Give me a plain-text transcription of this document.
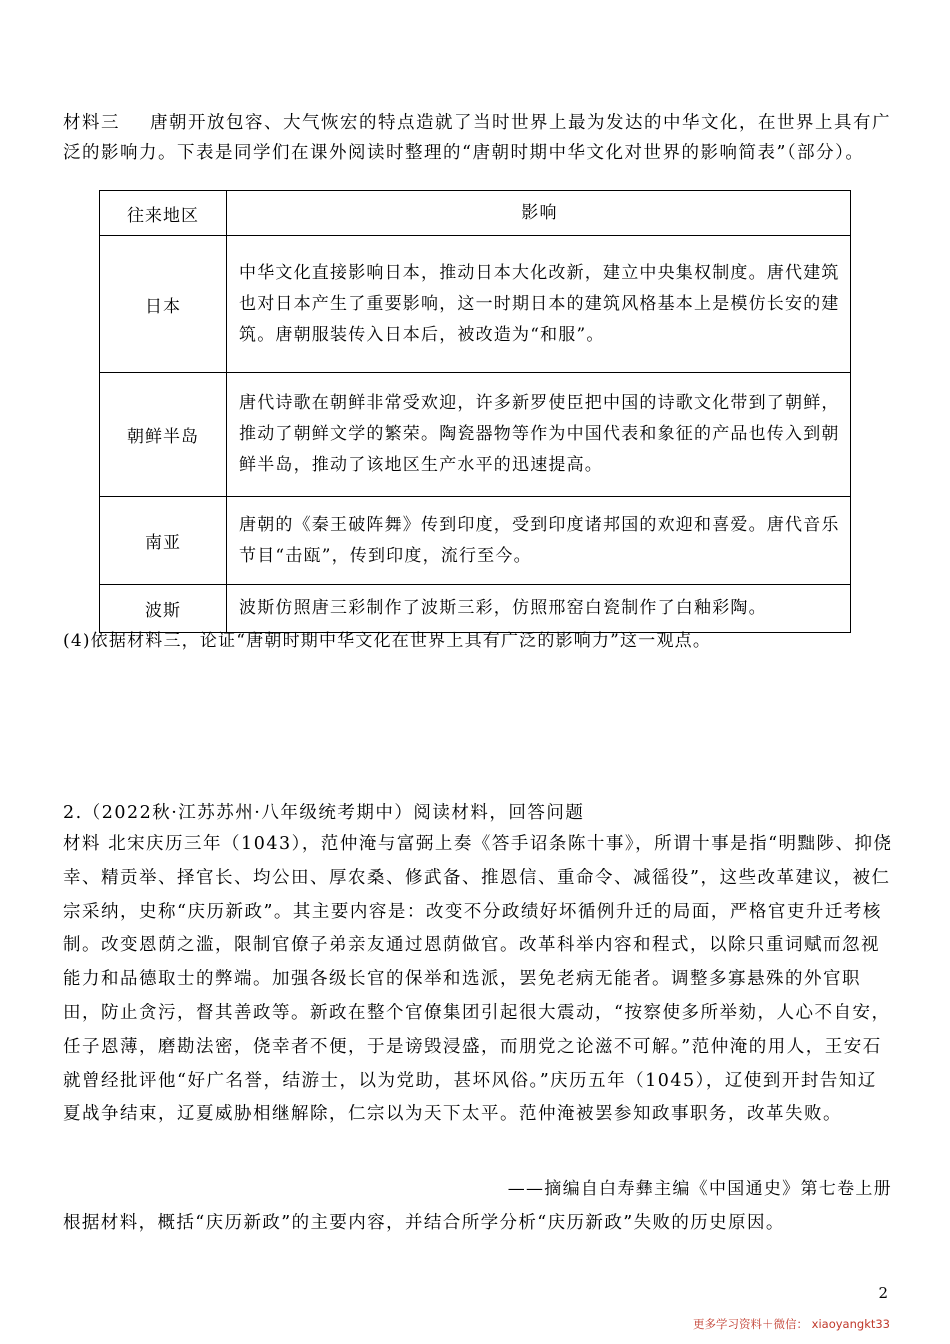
材料三 唐朝开放包容、大气恢宏的特点造就了当时世界上最为发达的中华文化，在世界上具有广泛的影响力。下表是同学们在课外阅读时整理的“唐朝时期中华文化对世界的影响简表”（部分）。
往来地区	影响
日本	中华文化直接影响日本，推动日本大化改新，建立中央集权制度。唐代建筑也对日本产生了重要影响，这一时期日本的建筑风格基本上是模仿长安的建筑。唐朝服装传入日本后，被改造为“和服”。
朝鲜半岛	唐代诗歌在朝鲜非常受欢迎，许多新罗使臣把中国的诗歌文化带到了朝鲜，推动了朝鲜文学的繁荣。陶瓷器物等作为中国代表和象征的产品也传入到朝鲜半岛，推动了该地区生产水平的迅速提高。
南亚	唐朝的《秦王破阵舞》传到印度，受到印度诸邦国的欢迎和喜爱。唐代音乐节目“击瓯”，传到印度，流行至今。
波斯	波斯仿照唐三彩制作了波斯三彩，仿照邢窑白瓷制作了白釉彩陶。
(4)依据材料三，论证“唐朝时期中华文化在世界上具有广泛的影响力”这一观点。
2.（2022秋·江苏苏州·八年级统考期中）阅读材料，回答问题
材料 北宋庆历三年（1043），范仲淹与富弼上奏《答手诏条陈十事》，所谓十事是指“明黜陟、抑侥幸、精贡举、择官长、均公田、厚农桑、修武备、推恩信、重命令、减徭役”，这些改革建议，被仁宗采纳，史称“庆历新政”。其主要内容是：改变不分政绩好坏循例升迁的局面，严格官吏升迁考核制。改变恩荫之滥，限制官僚子弟亲友通过恩荫做官。改革科举内容和程式，以除只重词赋而忽视能力和品德取士的弊端。加强各级长官的保举和选派，罢免老病无能者。调整多寡悬殊的外官职田，防止贪污，督其善政等。新政在整个官僚集团引起很大震动，“按察使多所举劾，人心不自安，任子恩薄，磨勘法密，侥幸者不便，于是谤毁浸盛，而朋党之论滋不可解。”范仲淹的用人，王安石就曾经批评他“好广名誉，结游士，以为党助，甚坏风俗。”庆历五年（1045），辽使到开封告知辽夏战争结束，辽夏威胁相继解除，仁宗以为天下太平。范仲淹被罢参知政事职务，改革失败。
——摘编自白寿彝主编《中国通史》第七卷上册
根据材料，概括“庆历新政”的主要内容，并结合所学分析“庆历新政”失败的历史原因。
2
更多学习资料＋微信： xiaoyangkt33
